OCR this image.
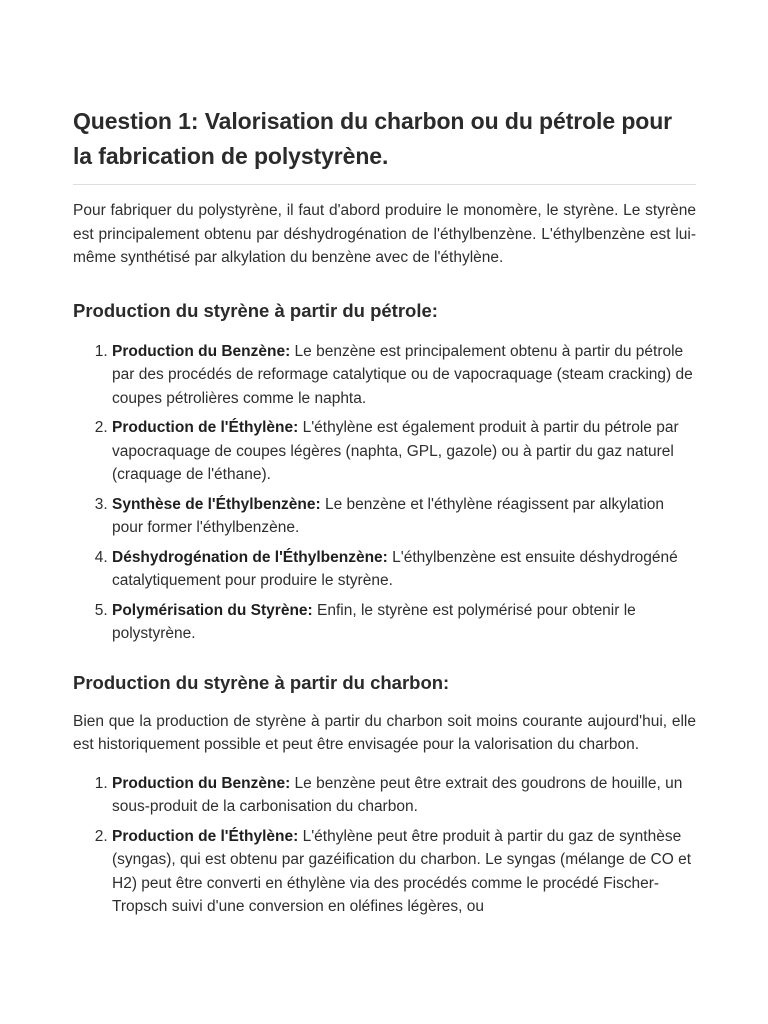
Question 1: Valorisation du charbon ou du pétrole pour la fabrication de polystyrène.

Pour fabriquer du polystyrène, il faut d'abord produire le monomère, le styrène. Le styrène est principalement obtenu par déshydrogénation de l'éthylbenzène. L'éthylbenzène est lui-même synthétisé par alkylation du benzène avec de l'éthylène.

Production du styrène à partir du pétrole:
1. Production du Benzène: Le benzène est principalement obtenu à partir du pétrole par des procédés de reformage catalytique ou de vapocraquage (steam cracking) de coupes pétrolières comme le naphta.
2. Production de l'Éthylène: L'éthylène est également produit à partir du pétrole par vapocraquage de coupes légères (naphta, GPL, gazole) ou à partir du gaz naturel (craquage de l'éthane).
3. Synthèse de l'Éthylbenzène: Le benzène et l'éthylène réagissent par alkylation pour former l'éthylbenzène.
4. Déshydrogénation de l'Éthylbenzène: L'éthylbenzène est ensuite déshydrogéné catalytiquement pour produire le styrène.
5. Polymérisation du Styrène: Enfin, le styrène est polymérisé pour obtenir le polystyrène.
Production du styrène à partir du charbon:

Bien que la production de styrène à partir du charbon soit moins courante aujourd'hui, elle est historiquement possible et peut être envisagée pour la valorisation du charbon.

1. Production du Benzène: Le benzène peut être extrait des goudrons de houille, un sous-produit de la carbonisation du charbon.
2. Production de l'Éthylène: L'éthylène peut être produit à partir du gaz de synthèse (syngas), qui est obtenu par gazéification du charbon. Le syngas (mélange de CO et H2) peut être converti en éthylène via des procédés comme le procédé Fischer-Tropsch suivi d'une conversion en oléfines légères, ou
